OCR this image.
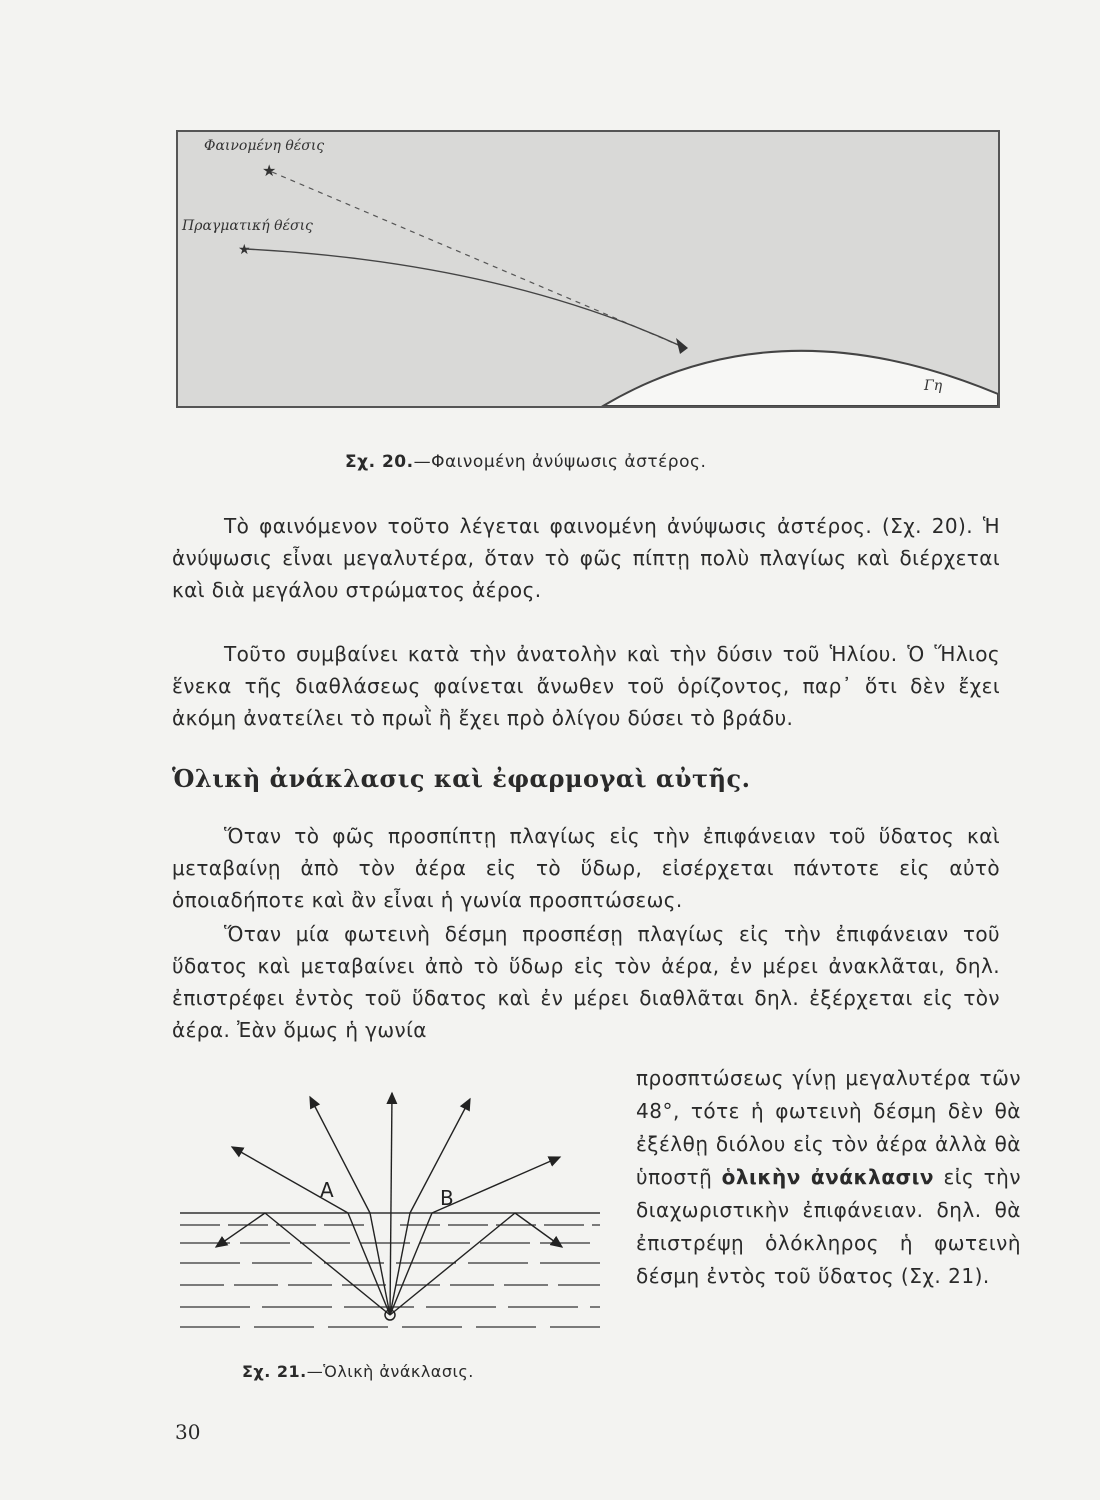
★
★
Φαινομένη θέσις
Πραγματική θέσις
Γη
Σχ. 20.—Φαινομένη ἀνύψωσις ἀστέρος.

Τὸ φαινόμενον τοῦτο λέγεται φαινομένη ἀνύψωσις ἀστέρος. (Σχ. 20). Ἡ ἀνύψωσις εἶναι μεγαλυτέρα, ὅταν τὸ φῶς πίπτῃ πολὺ πλαγίως καὶ διέρχεται καὶ διὰ μεγάλου στρώματος ἀέρος.

Τοῦτο συμβαίνει κατὰ τὴν ἀνατολὴν καὶ τὴν δύσιν τοῦ Ἡλίου. Ὁ Ἥλιος ἕνεκα τῆς διαθλάσεως φαίνεται ἄνωθεν τοῦ ὁρίζοντος, παρ᾽ ὅτι δὲν ἔχει ἀκόμη ἀνατείλει τὸ πρωῒ ἢ ἔχει πρὸ ὀλίγου δύσει τὸ βράδυ.

Ὁλικὴ ἀνάκλασις καὶ ἐφαρμογαὶ αὐτῆς.

Ὅταν τὸ φῶς προσπίπτῃ πλαγίως εἰς τὴν ἐπιφάνειαν τοῦ ὕδατος καὶ μεταβαίνῃ ἀπὸ τὸν ἀέρα εἰς τὸ ὕδωρ, εἰσέρχεται πάντοτε εἰς αὐτὸ ὁποιαδήποτε καὶ ἂν εἶναι ἡ γωνία προσπτώσεως.

Ὅταν μία φωτεινὴ δέσμη προσπέσῃ πλαγίως εἰς τὴν ἐπιφάνειαν τοῦ ὕδατος καὶ μεταβαίνει ἀπὸ τὸ ὕδωρ εἰς τὸν ἀέρα, ἐν μέρει ἀνακλᾶται, δηλ. ἐπιστρέφει ἐντὸς τοῦ ὕδατος καὶ ἐν μέρει διαθλᾶται δηλ. ἐξέρχεται εἰς τὸν ἀέρα. Ἐὰν ὅμως ἡ γωνία

προσπτώσεως γίνῃ μεγαλυτέρα τῶν 48°, τότε ἡ φωτεινὴ δέσμη δὲν θὰ ἐξέλθῃ διόλου εἰς τὸν ἀέρα ἀλλὰ θὰ ὑποστῇ ὁλικὴν ἀνάκλασιν εἰς τὴν διαχωριστικὴν ἐπιφάνειαν. δηλ. θὰ ἐπιστρέψῃ ὁλόκληρος ἡ φωτεινὴ δέσμη ἐντὸς τοῦ ὕδατος (Σχ. 21).

A	B
Σχ. 21.—Ὁλικὴ ἀνάκλασις.
30
